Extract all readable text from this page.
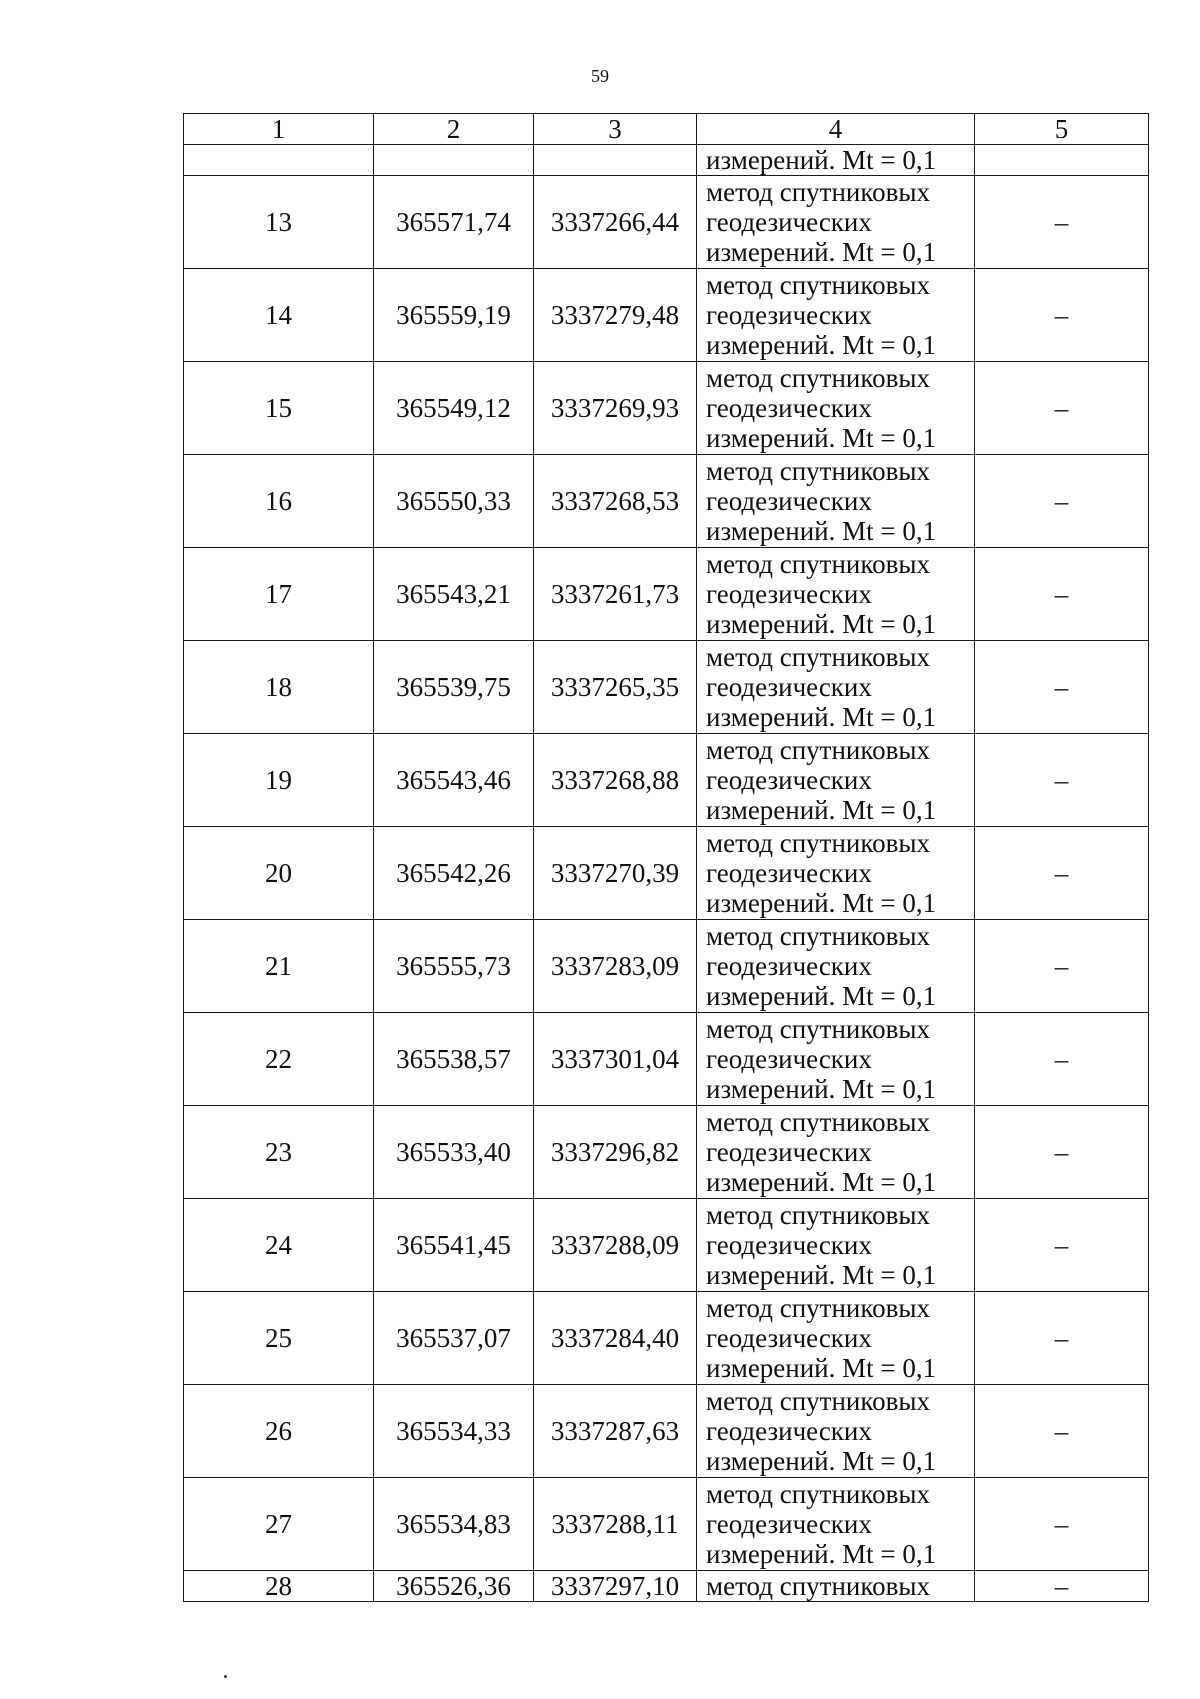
59
1	2	3	4	5
			измерений. Mt = 0,1	
13	365571,74	3337266,44	метод спутниковых
геодезических
измерений. Mt = 0,1	–
14	365559,19	3337279,48	метод спутниковых
геодезических
измерений. Mt = 0,1	–
15	365549,12	3337269,93	метод спутниковых
геодезических
измерений. Mt = 0,1	–
16	365550,33	3337268,53	метод спутниковых
геодезических
измерений. Mt = 0,1	–
17	365543,21	3337261,73	метод спутниковых
геодезических
измерений. Mt = 0,1	–
18	365539,75	3337265,35	метод спутниковых
геодезических
измерений. Mt = 0,1	–
19	365543,46	3337268,88	метод спутниковых
геодезических
измерений. Mt = 0,1	–
20	365542,26	3337270,39	метод спутниковых
геодезических
измерений. Mt = 0,1	–
21	365555,73	3337283,09	метод спутниковых
геодезических
измерений. Mt = 0,1	–
22	365538,57	3337301,04	метод спутниковых
геодезических
измерений. Mt = 0,1	–
23	365533,40	3337296,82	метод спутниковых
геодезических
измерений. Mt = 0,1	–
24	365541,45	3337288,09	метод спутниковых
геодезических
измерений. Mt = 0,1	–
25	365537,07	3337284,40	метод спутниковых
геодезических
измерений. Mt = 0,1	–
26	365534,33	3337287,63	метод спутниковых
геодезических
измерений. Mt = 0,1	–
27	365534,83	3337288,11	метод спутниковых
геодезических
измерений. Mt = 0,1	–
28	365526,36	3337297,10	метод спутниковых	–
